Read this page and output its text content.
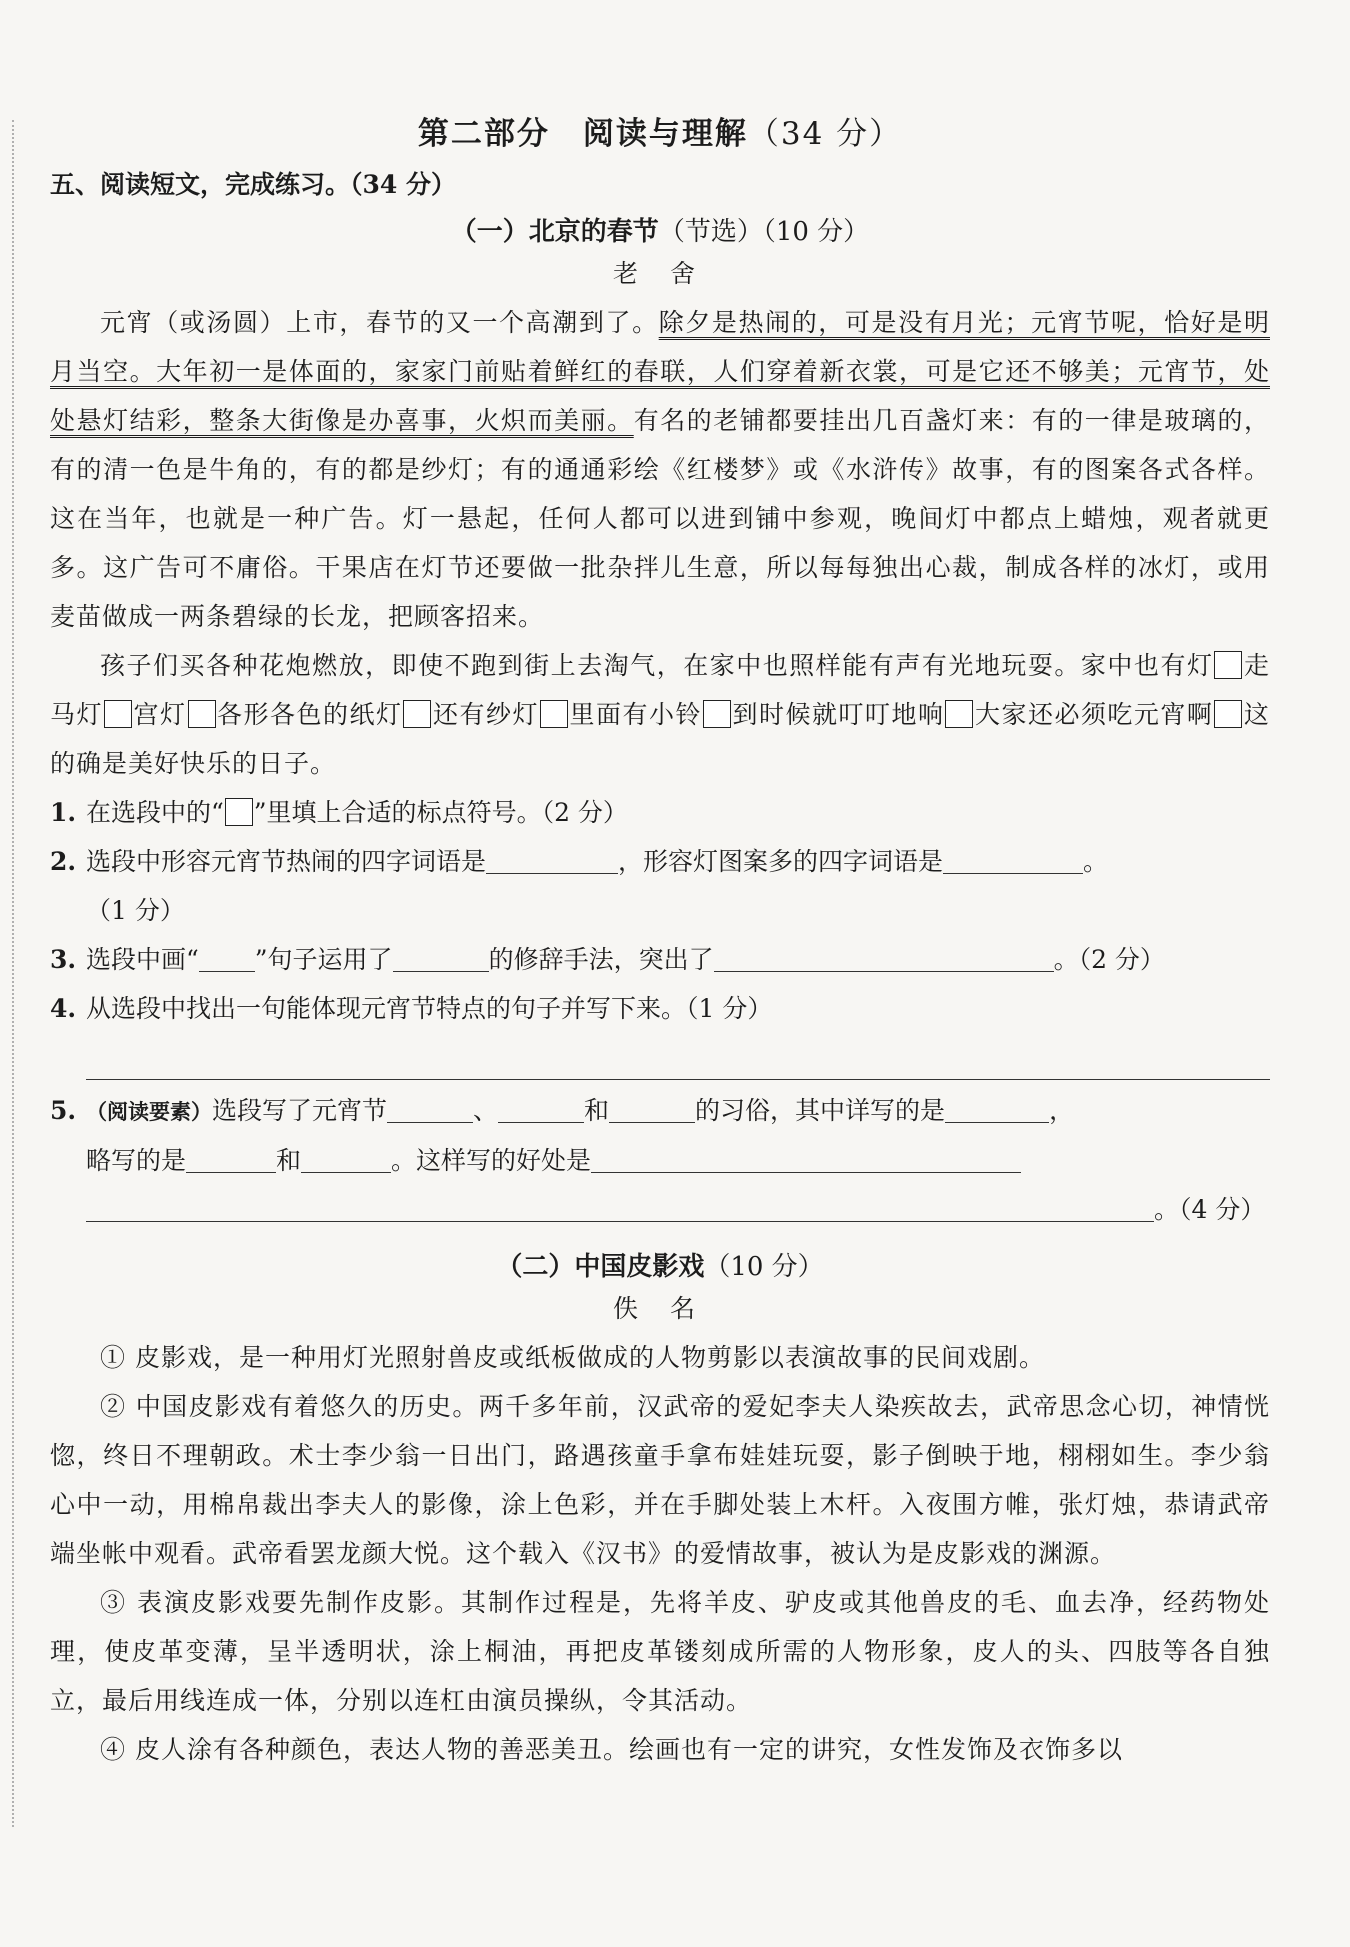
第二部分　阅读与理解（34 分）
五、阅读短文，完成练习。（34 分）
（一）北京的春节（节选）（10 分）
老 舍

元宵（或汤圆）上市，春节的又一个高潮到了。除夕是热闹的，可是没有月光；元宵节呢，恰好是明月当空。大年初一是体面的，家家门前贴着鲜红的春联，人们穿着新衣裳，可是它还不够美；元宵节，处处悬灯结彩，整条大街像是办喜事，火炽而美丽。有名的老铺都要挂出几百盏灯来：有的一律是玻璃的，有的清一色是牛角的，有的都是纱灯；有的通通彩绘《红楼梦》或《水浒传》故事，有的图案各式各样。这在当年，也就是一种广告。灯一悬起，任何人都可以进到铺中参观，晚间灯中都点上蜡烛，观者就更多。这广告可不庸俗。干果店在灯节还要做一批杂拌儿生意，所以每每独出心裁，制成各样的冰灯，或用麦苗做成一两条碧绿的长龙，把顾客招来。

孩子们买各种花炮燃放，即使不跑到街上去淘气，在家中也照样能有声有光地玩耍。家中也有灯 走马灯 宫灯 各形各色的纸灯 还有纱灯 里面有小铃 到时候就叮叮地响 大家还必须吃元宵啊 这的确是美好快乐的日子。

1. 在选段中的“ ”里填上合适的标点符号。（2 分）
2. 选段中形容元宵节热闹的四字词语是	，形容灯图案多的四字词语是	。
（1 分）
3. 选段中画“ ”句子运用了	的修辞手法，突出了	。（2 分）
4. 从选段中找出一句能体现元宵节特点的句子并写下来。（1 分）
5. （阅读要素）选段写了元宵节	、	和	的习俗，其中详写的是	，
略写的是	和	。这样写的好处是
。（4 分）
（二）中国皮影戏（10 分）
佚 名

① 皮影戏，是一种用灯光照射兽皮或纸板做成的人物剪影以表演故事的民间戏剧。

② 中国皮影戏有着悠久的历史。两千多年前，汉武帝的爱妃李夫人染疾故去，武帝思念心切，神情恍惚，终日不理朝政。术士李少翁一日出门，路遇孩童手拿布娃娃玩耍，影子倒映于地，栩栩如生。李少翁心中一动，用棉帛裁出李夫人的影像，涂上色彩，并在手脚处装上木杆。入夜围方帷，张灯烛，恭请武帝端坐帐中观看。武帝看罢龙颜大悦。这个载入《汉书》的爱情故事，被认为是皮影戏的渊源。

③ 表演皮影戏要先制作皮影。其制作过程是，先将羊皮、驴皮或其他兽皮的毛、血去净，经药物处理，使皮革变薄，呈半透明状，涂上桐油，再把皮革镂刻成所需的人物形象，皮人的头、四肢等各自独立，最后用线连成一体，分别以连杠由演员操纵，令其活动。

④ 皮人涂有各种颜色，表达人物的善恶美丑。绘画也有一定的讲究，女性发饰及衣饰多以
